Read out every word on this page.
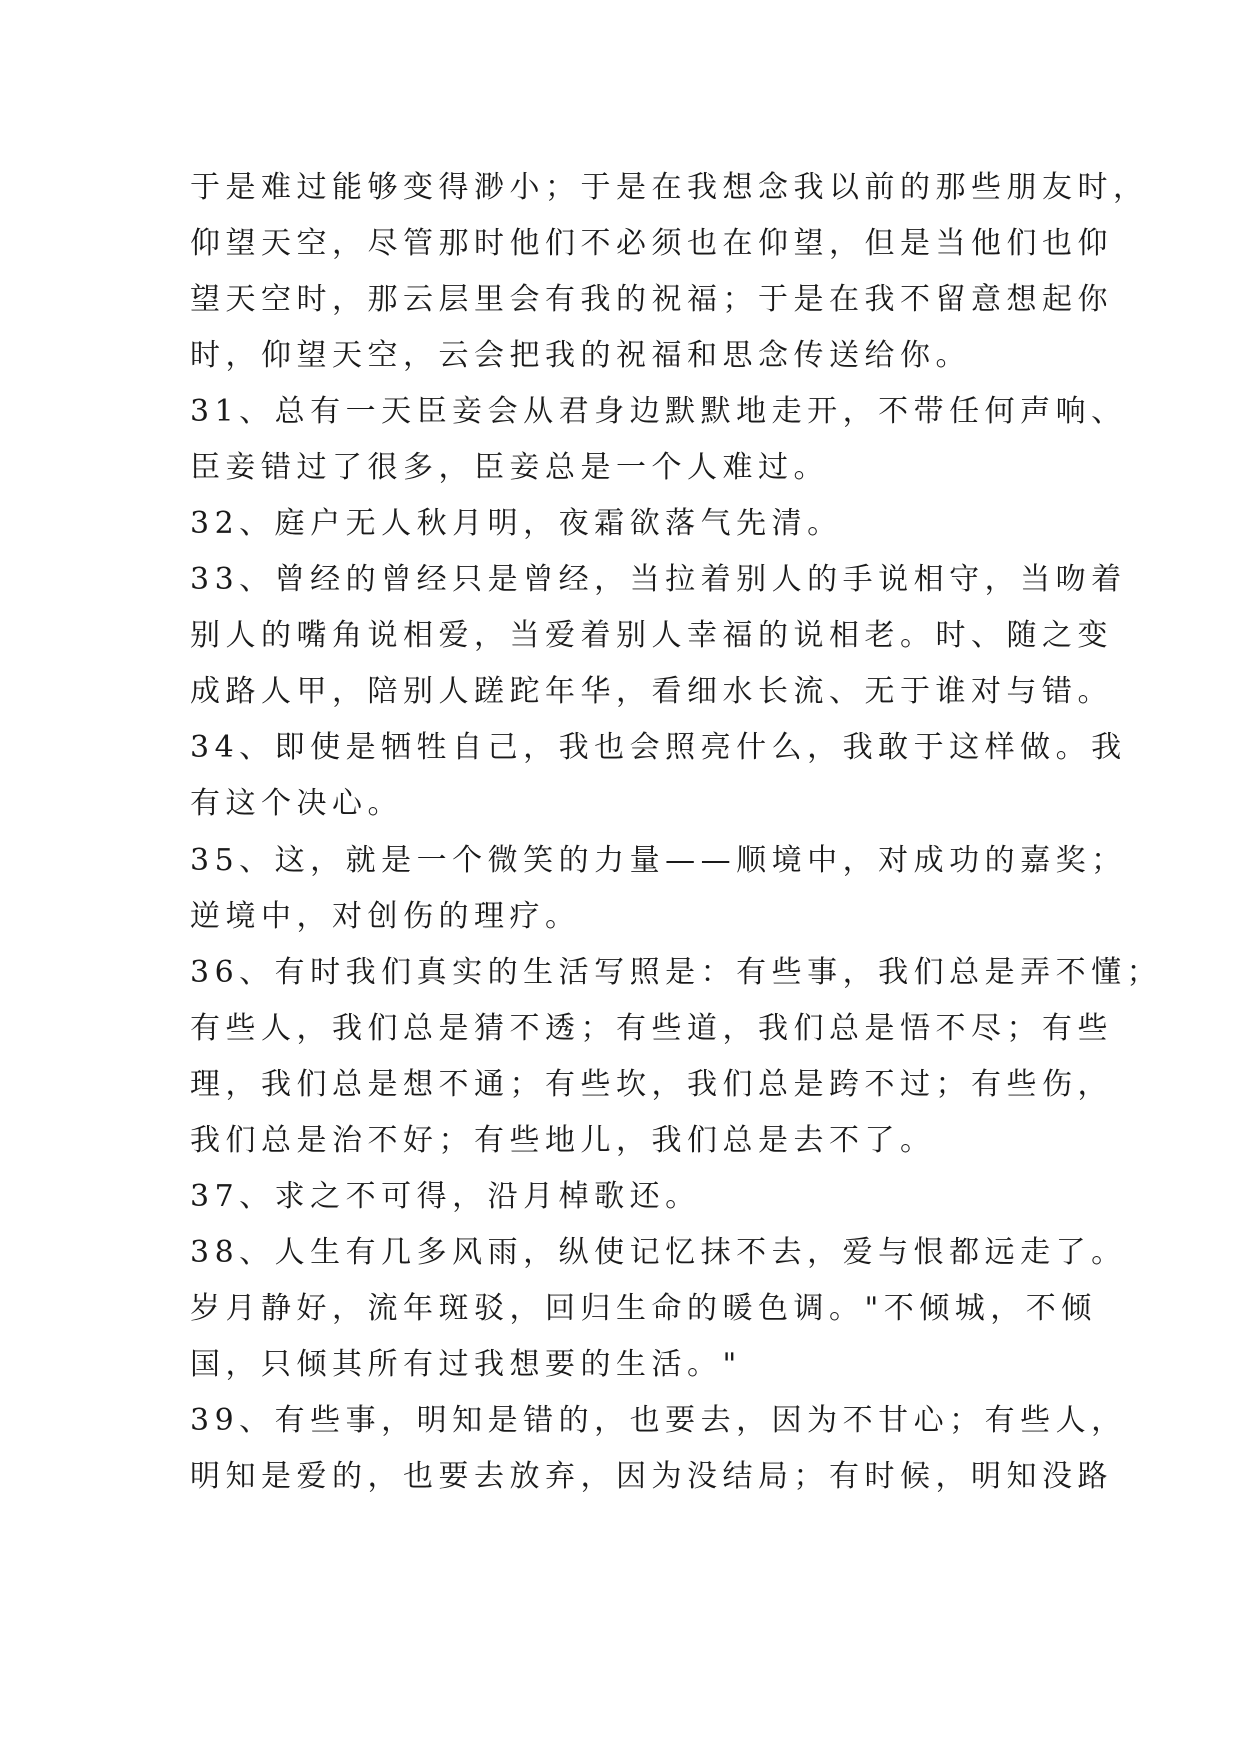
于是难过能够变得渺小；于是在我想念我以前的那些朋友时，
仰望天空，尽管那时他们不必须也在仰望，但是当他们也仰
望天空时，那云层里会有我的祝福；于是在我不留意想起你
时，仰望天空，云会把我的祝福和思念传送给你。
31、总有一天臣妾会从君身边默默地走开，不带任何声响、
臣妾错过了很多，臣妾总是一个人难过。
32、庭户无人秋月明，夜霜欲落气先清。
33、曾经的曾经只是曾经，当拉着别人的手说相守，当吻着
别人的嘴角说相爱，当爱着别人幸福的说相老。时、随之变
成路人甲，陪别人蹉跎年华，看细水长流、无于谁对与错。
34、即使是牺牲自己，我也会照亮什么，我敢于这样做。我
有这个决心。
35、这，就是一个微笑的力量——顺境中，对成功的嘉奖；
逆境中，对创伤的理疗。
36、有时我们真实的生活写照是：有些事，我们总是弄不懂；
有些人，我们总是猜不透；有些道，我们总是悟不尽；有些
理，我们总是想不通；有些坎，我们总是跨不过；有些伤，
我们总是治不好；有些地儿，我们总是去不了。
37、求之不可得，沿月棹歌还。
38、人生有几多风雨，纵使记忆抹不去，爱与恨都远走了。
岁月静好，流年斑驳，回归生命的暖色调。"不倾城，不倾
国，只倾其所有过我想要的生活。"
39、有些事，明知是错的，也要去，因为不甘心；有些人，
明知是爱的，也要去放弃，因为没结局；有时候，明知没路
